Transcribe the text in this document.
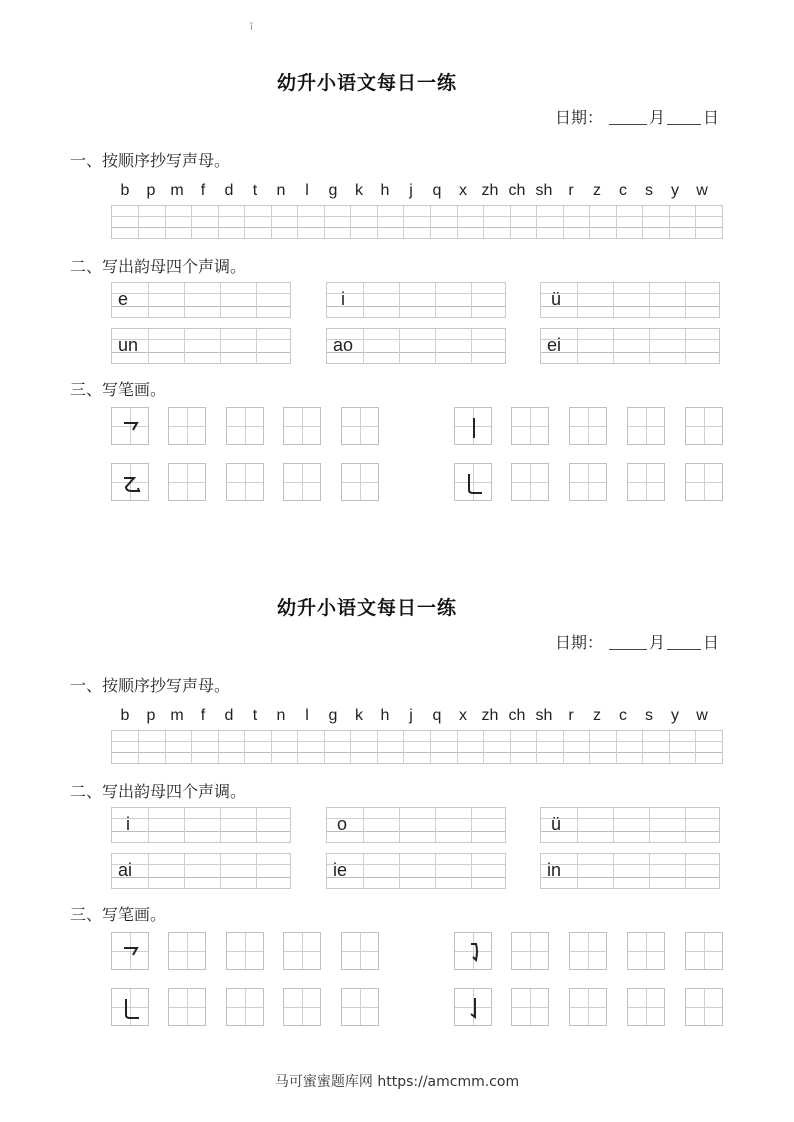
ı̃
幼升小语文每日一练
日期：	月 日
一、按顺序抄写声母。
b	p m	f	d	t	n	l	g	k	h	j	q	x zh ch sh r	z	c	s	y	w
二、写出韵母四个声调。
e	i	ü
un	ao	ei
三、写笔画。
幼升小语文每日一练
日期：	月 日
一、按顺序抄写声母。
b	p m	f	d	t	n	l	g	k	h	j	q	x zh ch sh r	z	c	s	y	w
二、写出韵母四个声调。
i	o	ü
ai	ie	in
三、写笔画。
马可蜜蜜题库网 https://amcmm.com
